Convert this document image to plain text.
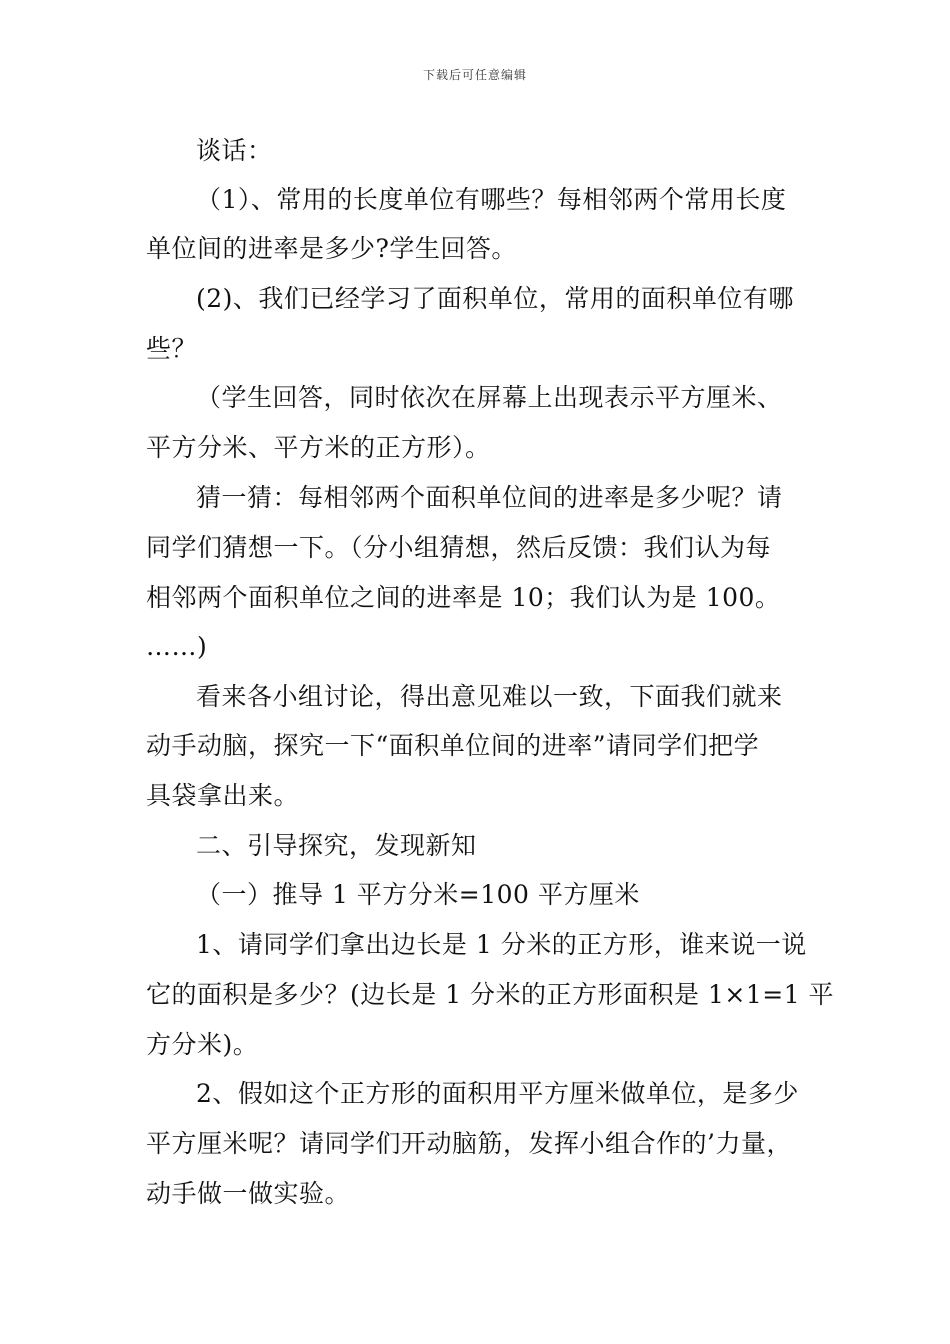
下载后可任意编辑
谈话：
（1）、常用的长度单位有哪些？每相邻两个常用长度
单位间的进率是多少?学生回答。
(2)、我们已经学习了面积单位，常用的面积单位有哪
些？
（学生回答，同时依次在屏幕上出现表示平方厘米、
平方分米、平方米的正方形）。
猜一猜：每相邻两个面积单位间的进率是多少呢？请
同学们猜想一下。（分小组猜想，然后反馈：我们认为每
相邻两个面积单位之间的进率是 10；我们认为是 100。
……)
看来各小组讨论，得出意见难以一致，下面我们就来
动手动脑，探究一下“面积单位间的进率”请同学们把学
具袋拿出来。
二、引导探究，发现新知
（一）推导 1 平方分米=100 平方厘米
1、请同学们拿出边长是 1 分米的正方形，谁来说一说
它的面积是多少？(边长是 1 分米的正方形面积是 1×1=1 平
方分米)。
2、假如这个正方形的面积用平方厘米做单位，是多少
平方厘米呢？请同学们开动脑筋，发挥小组合作的’力量，
动手做一做实验。
